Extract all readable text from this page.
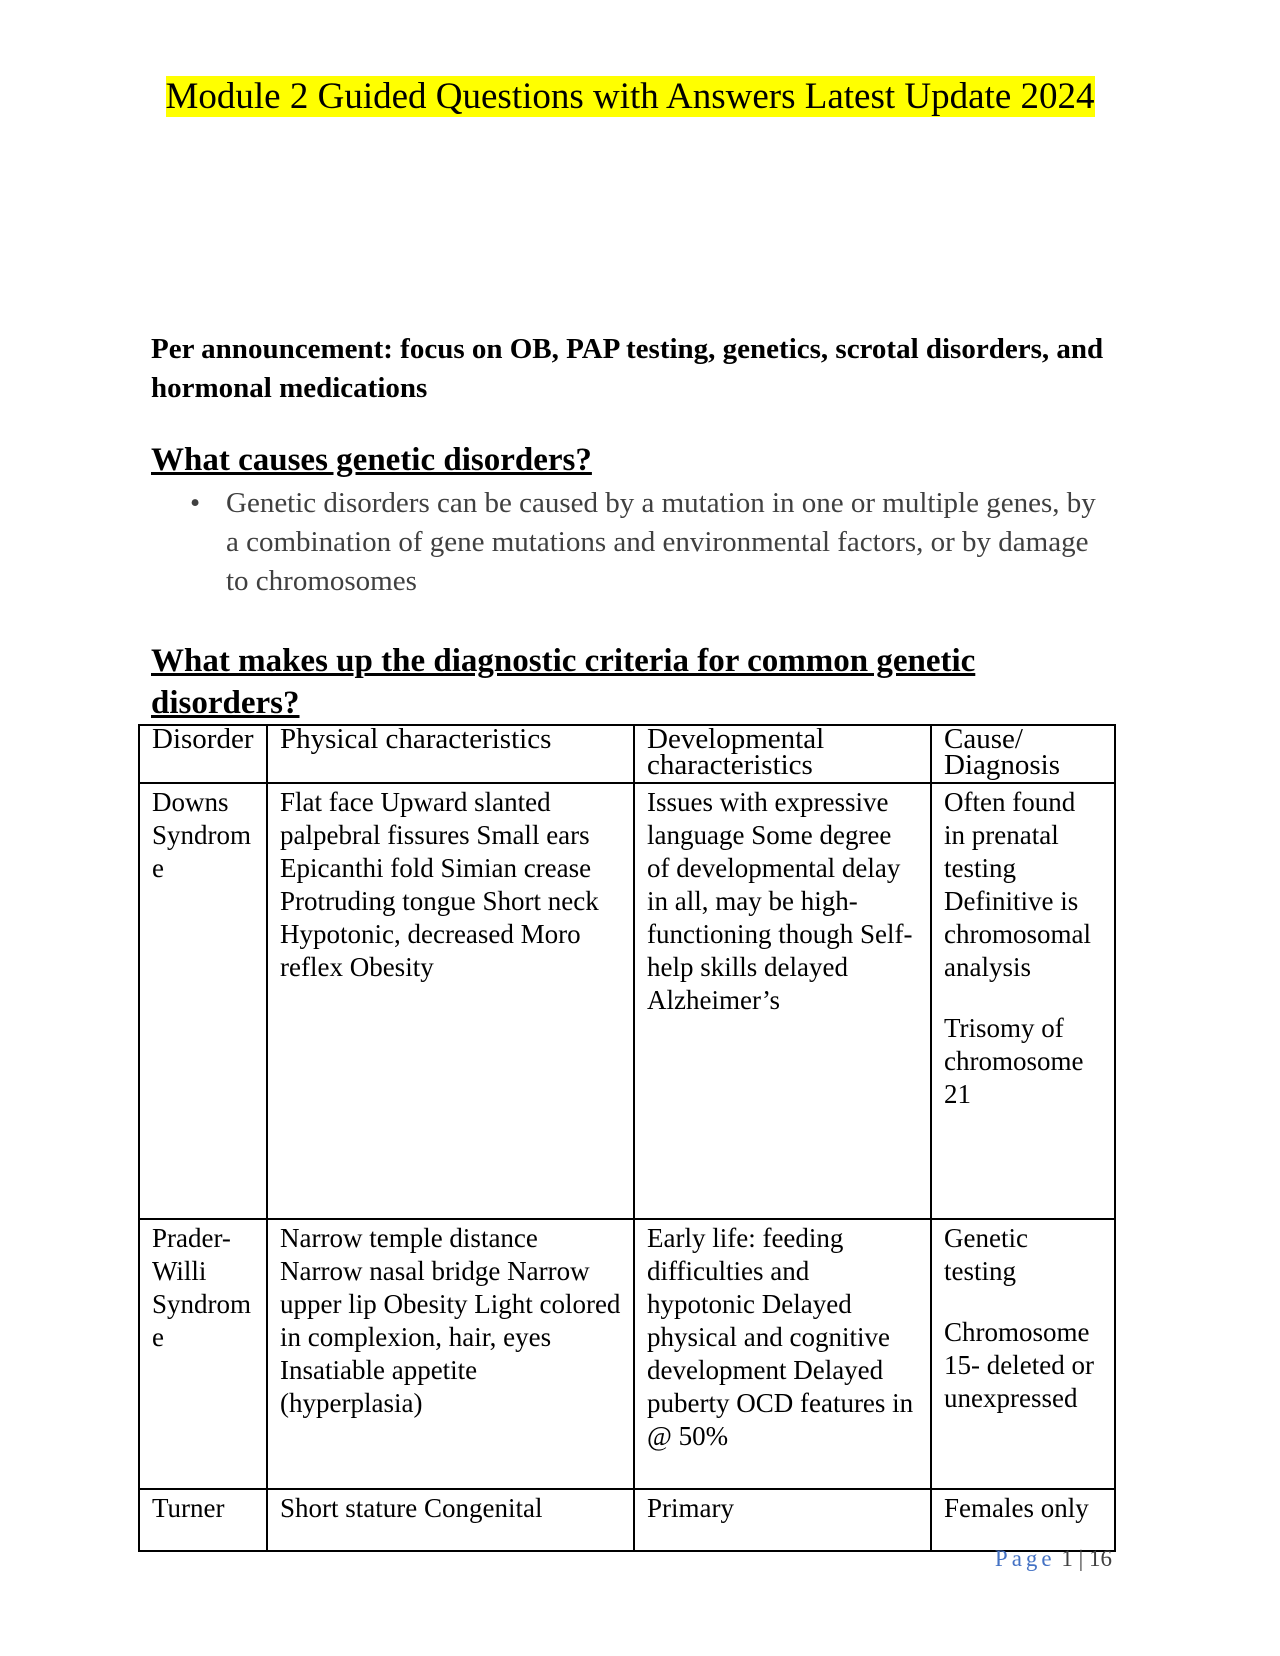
Module 2 Guided Questions with Answers Latest Update 2024
Per announcement: focus on OB, PAP testing, genetics, scrotal disorders, and hormonal medications
What causes genetic disorders?
• Genetic disorders can be caused by a mutation in one or multiple genes, by a combination of gene mutations and environmental factors, or by damage to chromosomes
What makes up the diagnostic criteria for common genetic disorders?
Disorder	Physical characteristics	Developmental characteristics	Cause/ Diagnosis
Downs Syndrome	Flat face Upward slanted palpebral fissures Small ears Epicanthi fold Simian crease Protruding tongue Short neck Hypotonic, decreased Moro reflex Obesity	Issues with expressive language Some degree of developmental delay in all, may be high- functioning though Self-help skills delayed Alzheimer’s	Often found in prenatal testing Definitive is chromosomal analysis
Trisomy of chromosome 21

Prader-Willi Syndrome	Narrow temple distance Narrow nasal bridge Narrow upper lip Obesity Light colored in complexion, hair, eyes Insatiable appetite (hyperplasia)	Early life: feeding difficulties and hypotonic Delayed physical and cognitive development Delayed puberty OCD features in @ 50%	Genetic testing
Chromosome 15- deleted or unexpressed

Turner	Short stature Congenital	Primary	Females only
Page 1 | 16
